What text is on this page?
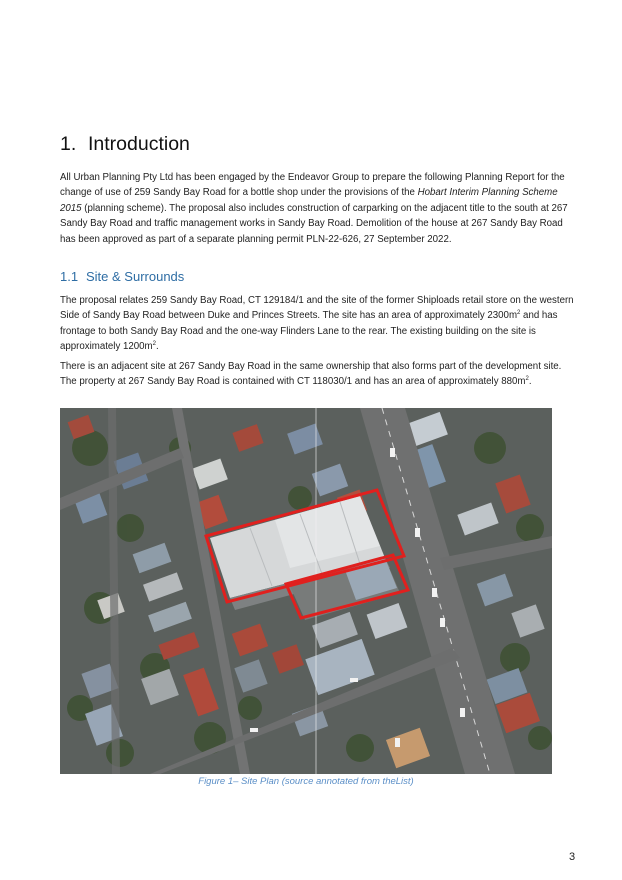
1. Introduction

All Urban Planning Pty Ltd has been engaged by the Endeavor Group to prepare the following Planning Report for the change of use of 259 Sandy Bay Road for a bottle shop under the provisions of the Hobart Interim Planning Scheme 2015 (planning scheme). The proposal also includes construction of carparking on the adjacent title to the south at 267 Sandy Bay Road and traffic management works in Sandy Bay Road. Demolition of the house at 267 Sandy Bay Road has been approved as part of a separate planning permit PLN-22-626, 27 September 2022.

1.1 Site & Surrounds

The proposal relates 259 Sandy Bay Road, CT 129184/1 and the site of the former Shiploads retail store on the western Side of Sandy Bay Road between Duke and Princes Streets. The site has an area of approximately $2300m^2$ and has frontage to both Sandy Bay Road and the one-way Flinders Lane to the rear. The existing building on the site is approximately $1200m^2$.

There is an adjacent site at 267 Sandy Bay Road in the same ownership that also forms part of the development site. The property at 267 Sandy Bay Road is contained with CT 118030/1 and has an area of approximately $880m^2$.

Figure 1– Site Plan (source annotated from theList)
3
